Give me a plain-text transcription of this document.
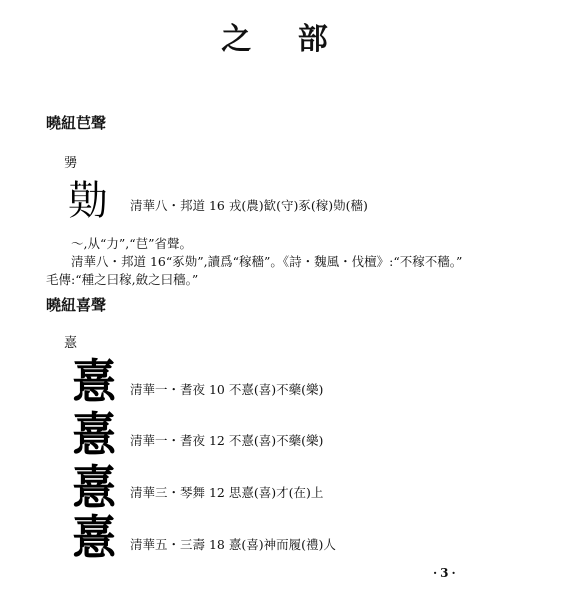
之 部
曉紐𦬊聲
勥
𠢓 清華八・邦道 16 戎(農)歓(守)豖(稼)𠢓(穡)
～,从“力”,“𦬊”省聲。
清華八・邦道 16“豖𠢓”,讀爲“稼穡”。《詩・魏風・伐檀》:“不稼不穡。”
毛傳:“種之曰稼,斂之曰穡。”
曉紐喜聲
憙
憙 清華一・耆夜 10 不憙(喜)不藥(樂)
憙 清華一・耆夜 12 不憙(喜)不藥(樂)
憙 清華三・琴舞 12 思憙(喜)才(在)上
憙 清華五・三壽 18 憙(喜)神而履(禮)人
·3·
